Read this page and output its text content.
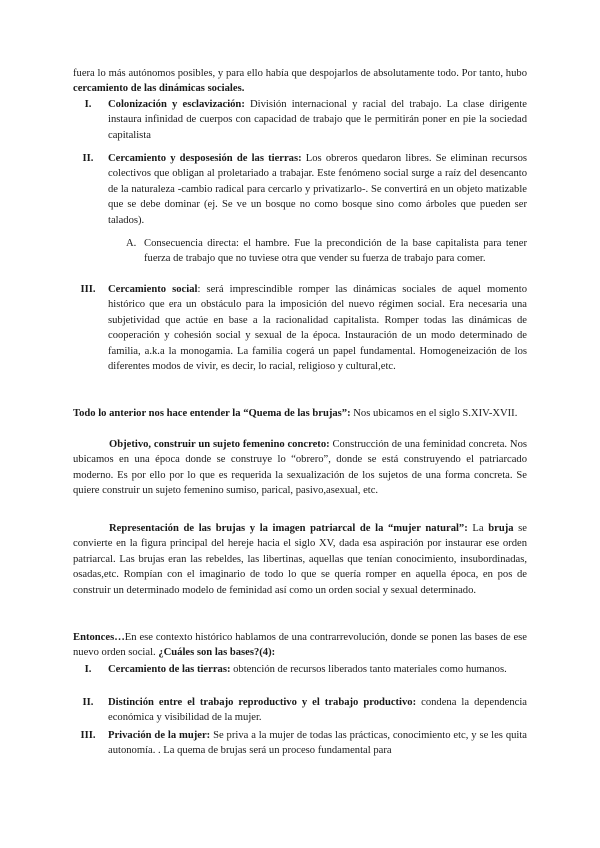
fuera lo más autónomos posibles, y para ello había que despojarlos de absolutamente todo. Por tanto, hubo cercamiento de las dinámicas sociales.

I.	Colonización y esclavización: División internacional y racial del trabajo. La clase dirigente instaura infinidad de cuerpos con capacidad de trabajo que le permitirán poner en pie la sociedad capitalista
II.	Cercamiento y desposesión de las tierras: Los obreros quedaron libres. Se eliminan recursos colectivos que obligan al proletariado a trabajar. Este fenómeno social surge a raíz del desencanto de la naturaleza -cambio radical para cercarlo y privatizarlo-. Se convertirá en un objeto matizable que se debe dominar (ej. Se ve un bosque no como bosque sino como árboles que pueden ser talados).
A. Consecuencia directa: el hambre. Fue la precondición de la base capitalista para tener fuerza de trabajo que no tuviese otra que vender su fuerza de trabajo para comer.
III.	Cercamiento social: será imprescindible romper las dinámicas sociales de aquel momento histórico que era un obstáculo para la imposición del nuevo régimen social. Era necesaria una subjetividad que actúe en base a la racionalidad capitalista. Romper todas las dinámicas de cooperación y cohesión social y sexual de la época. Instauración de un modo determinado de familia, a.k.a la monogamia. La familia cogerá un papel fundamental. Homogeneización de los diferentes modos de vivir, es decir, lo racial, religioso y cultural,etc.

Todo lo anterior nos hace entender la “Quema de las brujas”: Nos ubicamos en el siglo S.XIV-XVII.

Objetivo, construir un sujeto femenino concreto: Construcción de una feminidad concreta. Nos ubicamos en una época donde se construye lo “obrero”, donde se está construyendo el patriarcado moderno. Es por ello por lo que es requerida la sexualización de los sujetos de una forma concreta. Se quiere construir un sujeto femenino sumiso, parical, pasivo,asexual, etc.

Representación de las brujas y la imagen patriarcal de la “mujer natural”: La bruja se convierte en la figura principal del hereje hacia el siglo XV, dada esa aspiración por instaurar ese orden patriarcal. Las brujas eran las rebeldes, las libertinas, aquellas que tenían conocimiento, insubordinadas, osadas,etc. Rompían con el imaginario de todo lo que se quería romper en aquella época, en pos de construir un determinado modelo de feminidad así como un orden social y sexual determinado.

Entonces…En ese contexto histórico hablamos de una contrarrevolución, donde se ponen las bases de ese nuevo orden social. ¿Cuáles son las bases?(4):

I.	Cercamiento de las tierras: obtención de recursos liberados tanto materiales como humanos.
II.	Distinción entre el trabajo reproductivo y el trabajo productivo: condena la dependencia económica y visibilidad de la mujer.
III.	Privación de la mujer: Se priva a la mujer de todas las prácticas, conocimiento etc, y se les quita autonomía. . La quema de brujas será un proceso fundamental para
